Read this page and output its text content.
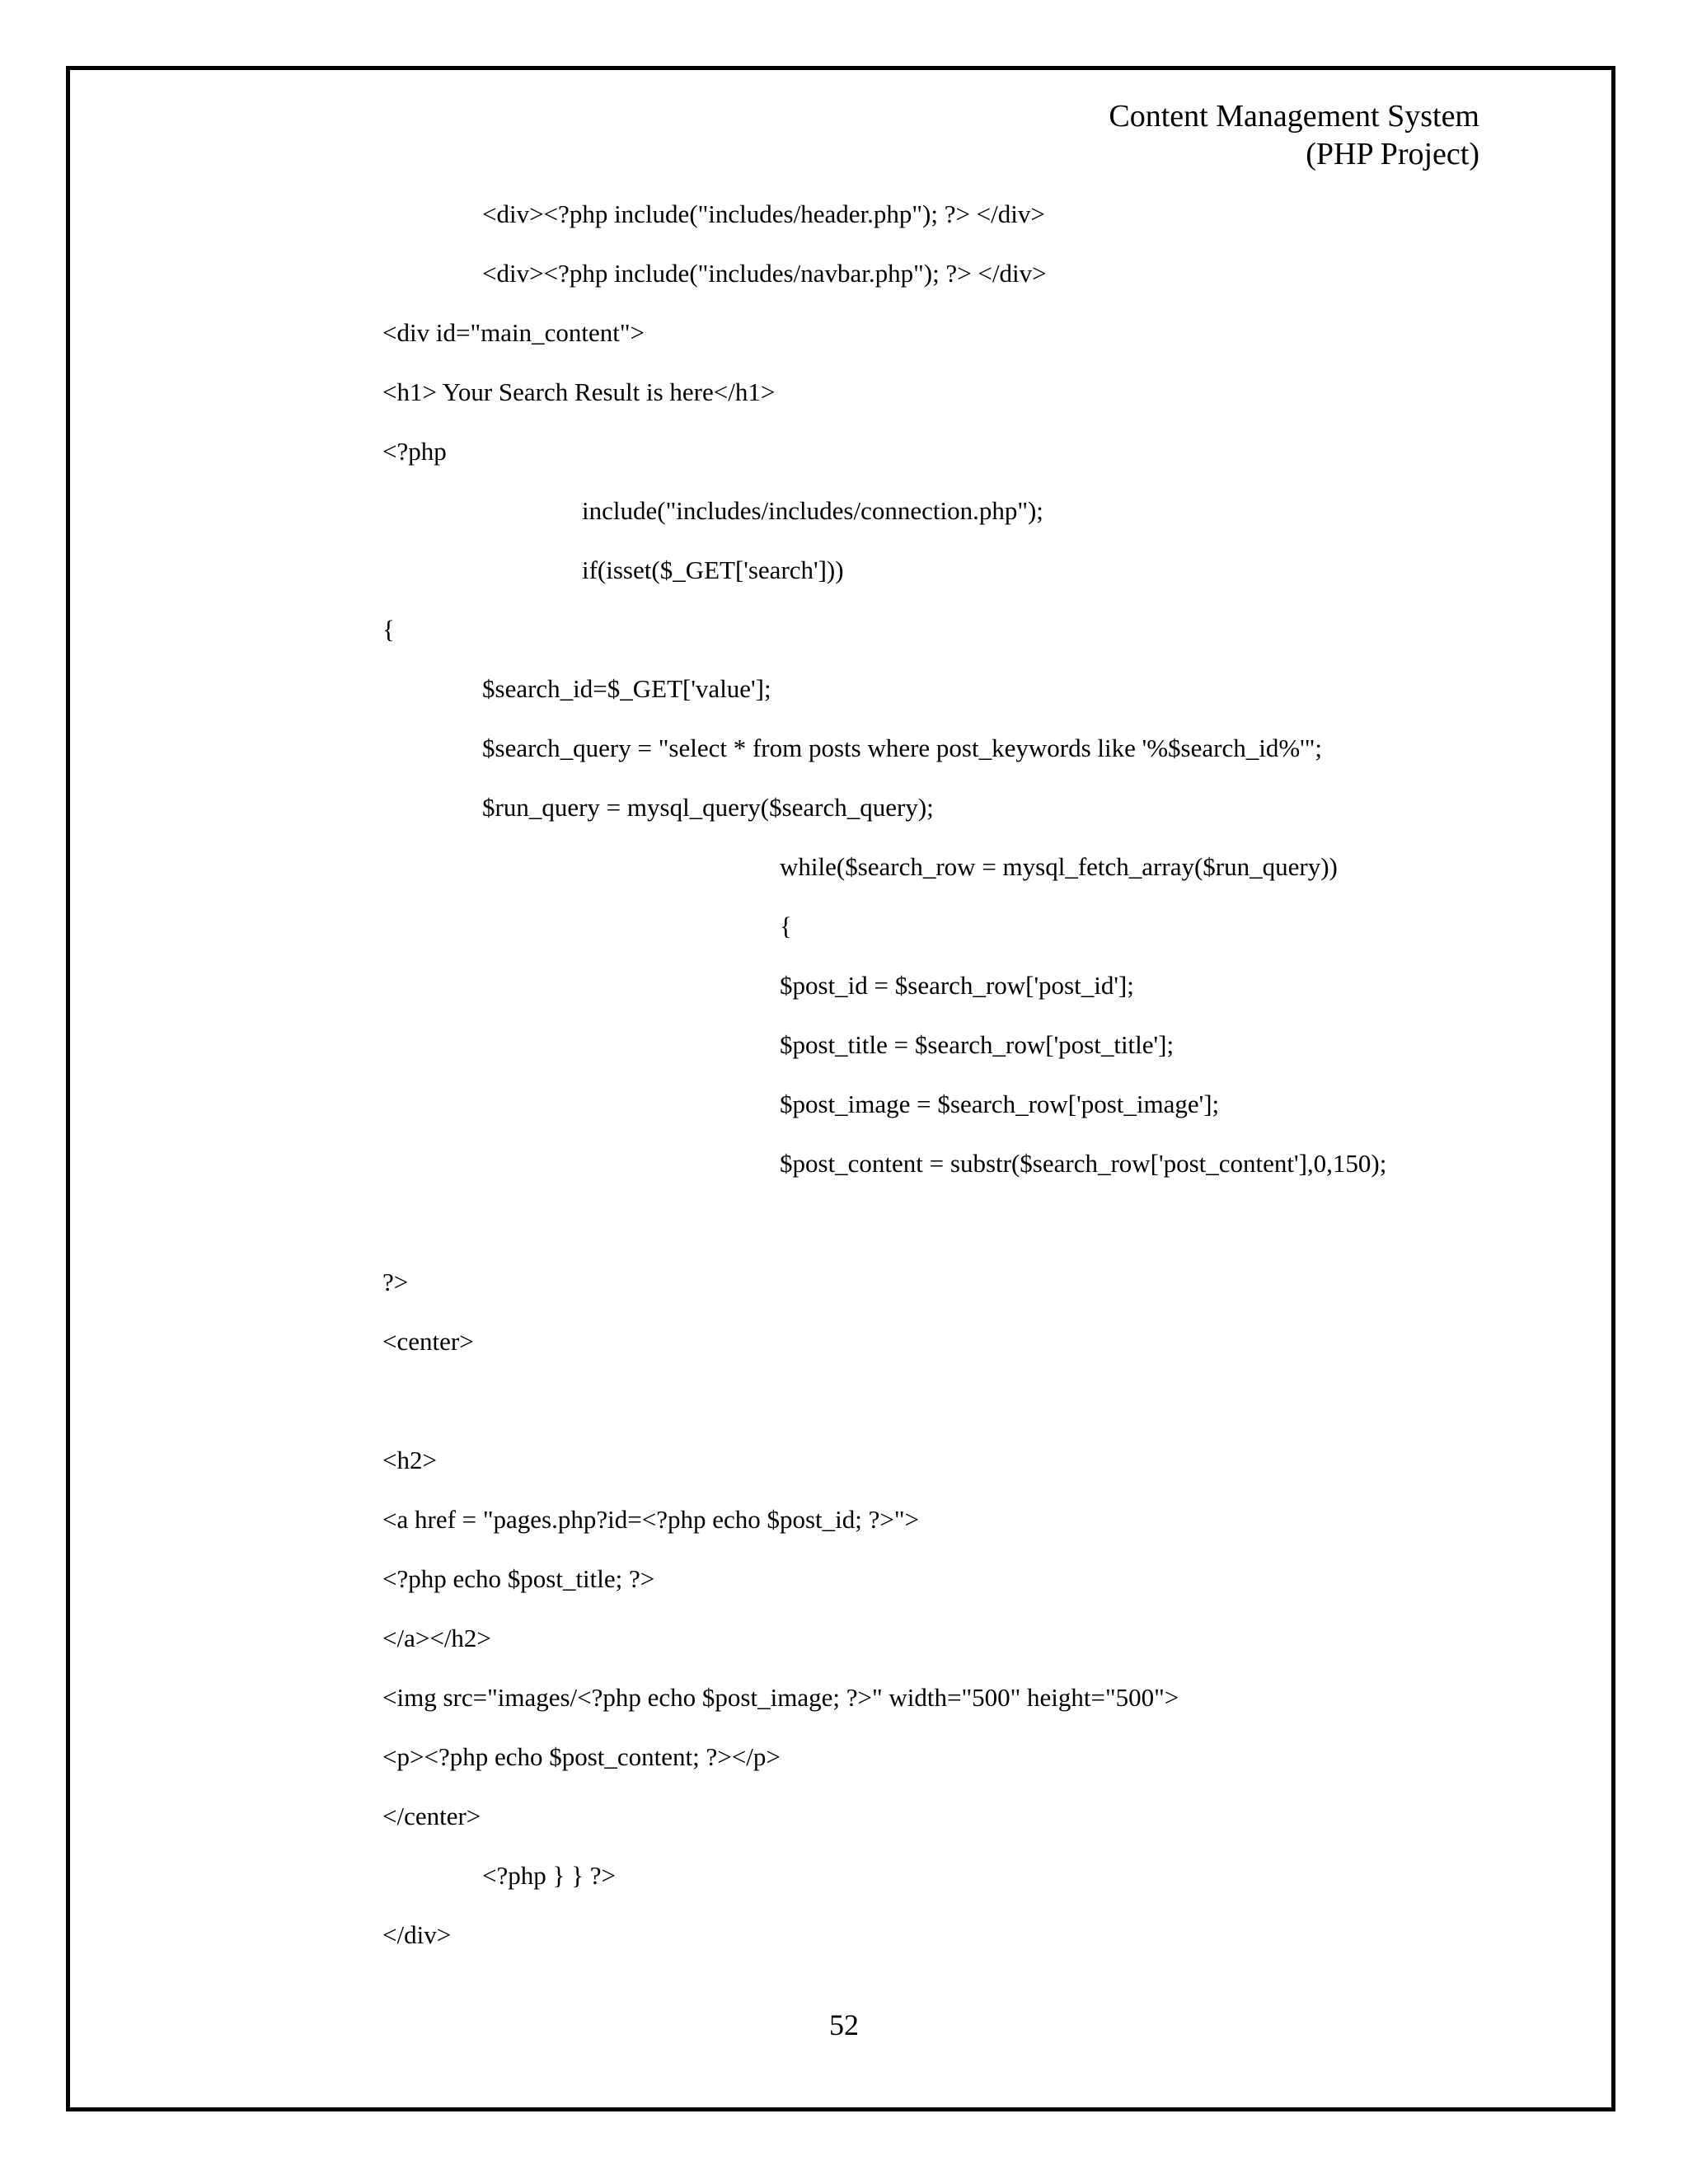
Content Management System
(PHP Project)
<div><?php include("includes/header.php"); ?> </div>
<div><?php include("includes/navbar.php"); ?> </div>
<div id="main_content">
<h1> Your Search Result is here</h1>
<?php
include("includes/includes/connection.php");
if(isset($_GET['search']))
{
$search_id=$_GET['value'];
$search_query = "select * from posts where post_keywords like '%$search_id%'";
$run_query = mysql_query($search_query);
while($search_row = mysql_fetch_array($run_query))
{
$post_id = $search_row['post_id'];
$post_title = $search_row['post_title'];
$post_image = $search_row['post_image'];
$post_content = substr($search_row['post_content'],0,150);
?>
<center>
<h2>
<a href = "pages.php?id=<?php echo $post_id; ?>">
<?php echo $post_title; ?>
</a></h2>
<img src="images/<?php echo $post_image; ?>" width="500" height="500">
<p><?php echo $post_content; ?></p>
</center>
<?php } } ?>
</div>
52
